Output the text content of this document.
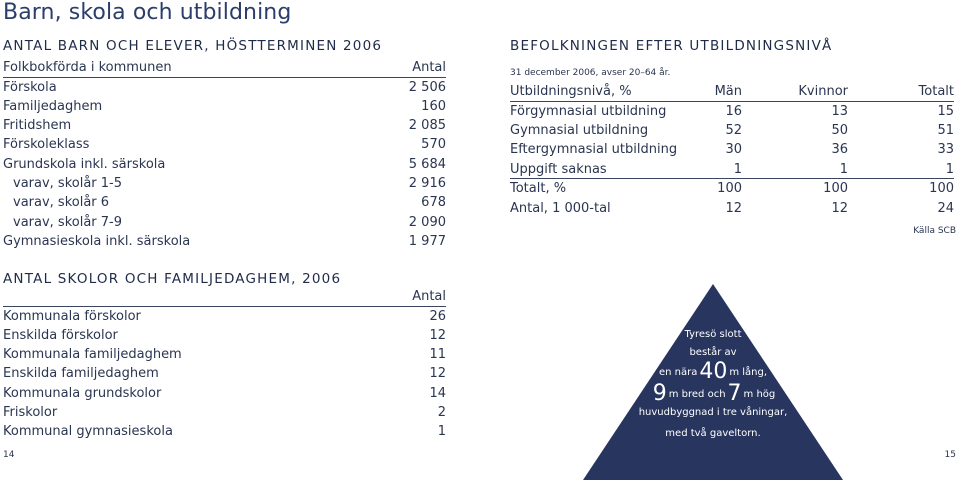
Barn, skola och utbildning
ANTAL BARN OCH ELEVER, HÖSTTERMINEN 2006
Folkbokförda i kommunen	Antal
Förskola	2 506
Familjedaghem	160
Fritidshem	2 085
Förskoleklass	570
Grundskola inkl. särskola	5 684
varav, skolår 1-5	2 916
varav, skolår 6	678
varav, skolår 7-9	2 090
Gymnasieskola inkl. särskola	1 977
ANTAL SKOLOR OCH FAMILJEDAGHEM, 2006
	Antal
Kommunala förskolor	26
Enskilda förskolor	12
Kommunala familjedaghem	11
Enskilda familjedaghem	12
Kommunala grundskolor	14
Friskolor	2
Kommunal gymnasieskola	1
14
BEFOLKNINGEN EFTER UTBILDNINGSNIVÅ
31 december 2006, avser 20–64 år.
Utbildningsnivå, %	Män	Kvinnor	Totalt
Förgymnasial utbildning	16	13	15
Gymnasial utbildning	52	50	51
Eftergymnasial utbildning	30	36	33
Uppgift saknas	1	1	1
Totalt, %	100	100	100
Antal, 1 000-tal	12	12	24
Källa SCB
Tyresö slott
består av
en nära40 m lång,
9 m bred och7 m hög
huvudbyggnad i tre våningar,
med två gaveltorn.
15
